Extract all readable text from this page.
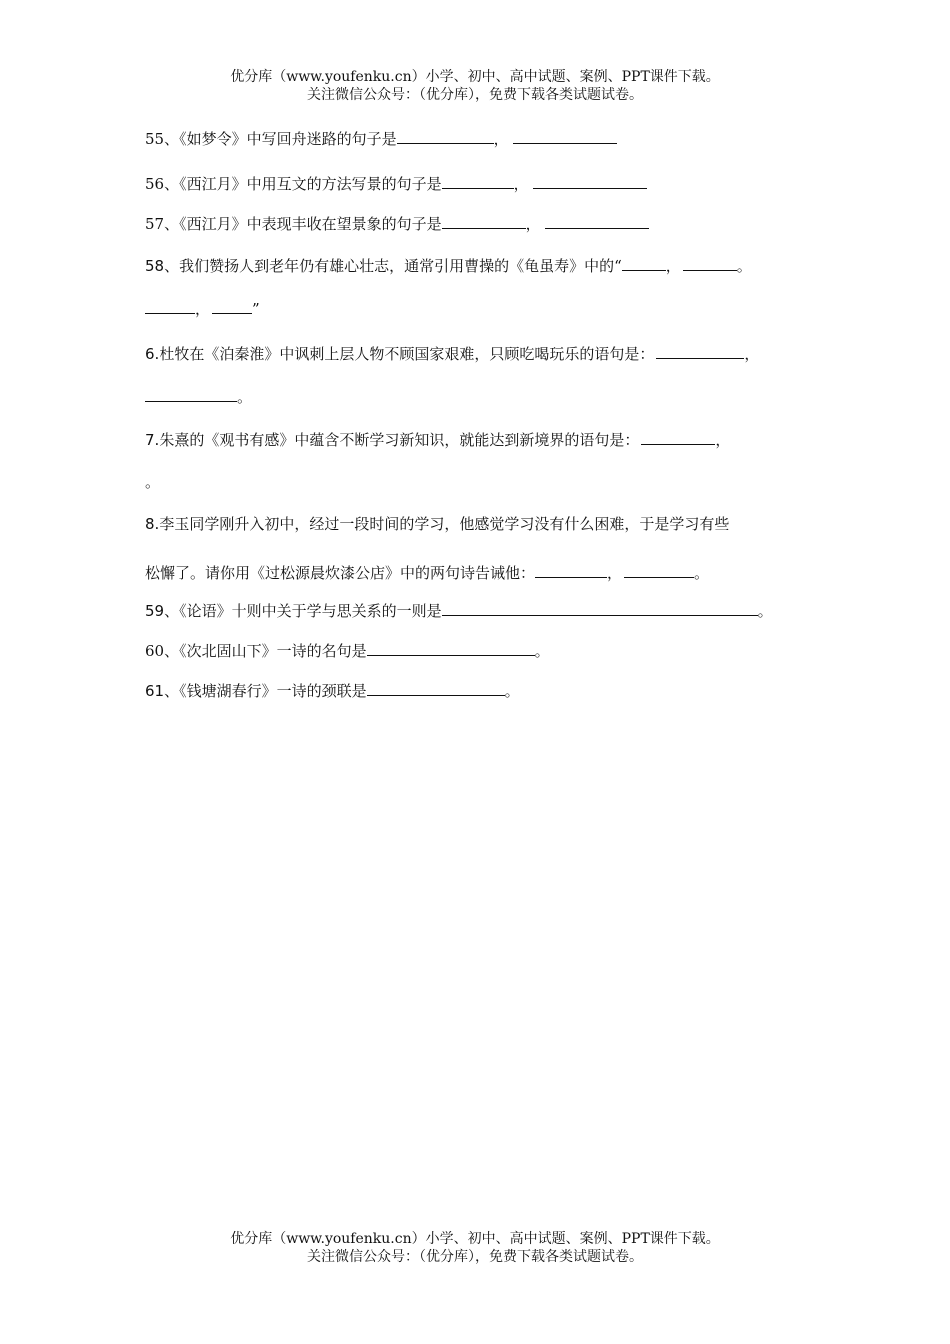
优分库（www.youfenku.cn）小学、初中、高中试题、案例、PPT课件下载。
关注微信公众号：（优分库），免费下载各类试题试卷。
55、《如梦令》中写回舟迷路的句子是	，
56、《西江月》中用互文的方法写景的句子是	，
57、《西江月》中表现丰收在望景象的句子是	，
58、我们赞扬人到老年仍有雄心壮志，通常引用曹操的《龟虽寿》中的“	，	。
，	”
6.杜牧在《泊秦淮》中讽刺上层人物不顾国家艰难，只顾吃喝玩乐的语句是：	，
。
7.朱熹的《观书有感》中蕴含不断学习新知识，就能达到新境界的语句是：	，
。
8.李玉同学刚升入初中，经过一段时间的学习，他感觉学习没有什么困难，于是学习有些
松懈了。请你用《过松源晨炊漆公店》中的两句诗告诫他：	，	。
59、《论语》十则中关于学与思关系的一则是	。
60、《次北固山下》一诗的名句是	。
61、《钱塘湖春行》一诗的颈联是	。
优分库（www.youfenku.cn）小学、初中、高中试题、案例、PPT课件下载。
关注微信公众号：（优分库），免费下载各类试题试卷。
